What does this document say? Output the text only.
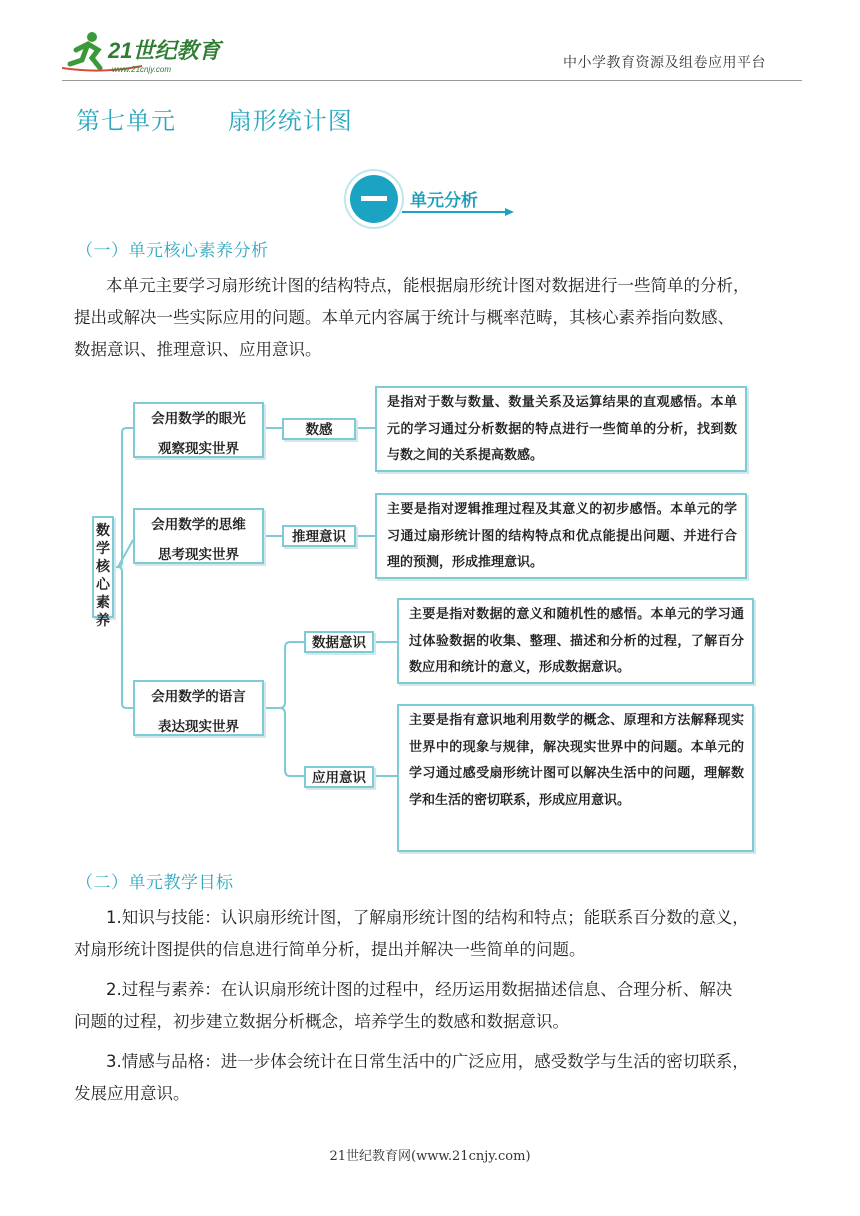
21世纪教育
www.21cnjy.com	中小学教育资源及组卷应用平台
第七单元      扇形统计图
单元分析
（一）单元核心素养分析

本单元主要学习扇形统计图的结构特点，能根据扇形统计图对数据进行一些简单的分析，

提出或解决一些实际应用的问题。本单元内容属于统计与概率范畴，其核心素养指向数感、

数据意识、推理意识、应用意识。

数
学
核
心
素
养
会用数学的眼光
观察现实世界
会用数学的思维
思考现实世界
会用数学的语言
表达现实世界
数感
推理意识
数据意识
应用意识
是指对于数与数量、数量关系及运算结果的直观感悟。本单元的学习通过分析数据的特点进行一些简单的分析，找到数与数之间的关系提高数感。
主要是指对逻辑推理过程及其意义的初步感悟。本单元的学习通过扇形统计图的结构特点和优点能提出问题、并进行合理的预测，形成推理意识。
主要是指对数据的意义和随机性的感悟。本单元的学习通过体验数据的收集、整理、描述和分析的过程，了解百分数应用和统计的意义，形成数据意识。
主要是指有意识地利用数学的概念、原理和方法解释现实世界中的现象与规律，解决现实世界中的问题。本单元的学习通过感受扇形统计图可以解决生活中的问题，理解数学和生活的密切联系，形成应用意识。
（二）单元教学目标

1.知识与技能：认识扇形统计图，了解扇形统计图的结构和特点；能联系百分数的意义，

对扇形统计图提供的信息进行简单分析，提出并解决一些简单的问题。

2.过程与素养：在认识扇形统计图的过程中，经历运用数据描述信息、合理分析、解决

问题的过程，初步建立数据分析概念，培养学生的数感和数据意识。

3.情感与品格：进一步体会统计在日常生活中的广泛应用，感受数学与生活的密切联系，

发展应用意识。

21世纪教育网(www.21cnjy.com)
